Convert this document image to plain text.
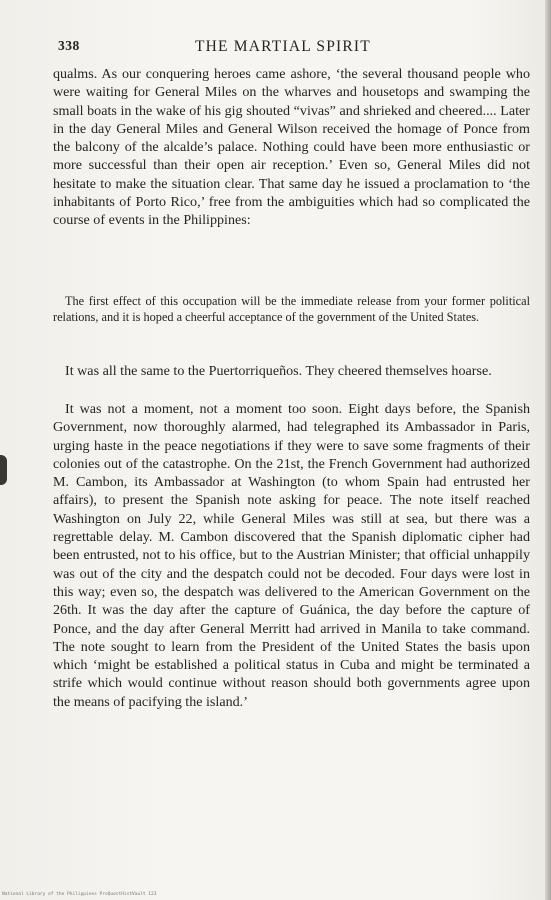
338	THE MARTIAL SPIRIT

qualms. As our conquering heroes came ashore, ‘the several thousand people who were waiting for General Miles on the wharves and housetops and swamping the small boats in the wake of his gig shouted “vivas” and shrieked and cheered.... Later in the day General Miles and General Wilson received the homage of Ponce from the balcony of the alcalde’s palace. Nothing could have been more enthusiastic or more successful than their open air reception.’ Even so, General Miles did not hesitate to make the situation clear. That same day he issued a proclamation to ‘the inhabitants of Porto Rico,’ free from the ambiguities which had so complicated the course of events in the Philippines:

The first effect of this occupation will be the immediate release from your former political relations, and it is hoped a cheerful acceptance of the government of the United States.

It was all the same to the Puertorriqueños. They cheered themselves hoarse.

It was not a moment, not a moment too soon. Eight days before, the Spanish Government, now thoroughly alarmed, had telegraphed its Ambassador in Paris, urging haste in the peace negotiations if they were to save some fragments of their colonies out of the catastrophe. On the 21st, the French Government had authorized M. Cambon, its Ambassador at Washington (to whom Spain had entrusted her affairs), to present the Spanish note asking for peace. The note itself reached Washington on July 22, while General Miles was still at sea, but there was a regrettable delay. M. Cambon discovered that the Spanish diplomatic cipher had been entrusted, not to his office, but to the Austrian Minister; that official unhappily was out of the city and the despatch could not be decoded. Four days were lost in this way; even so, the despatch was delivered to the American Government on the 26th. It was the day after the capture of Guánica, the day before the capture of Ponce, and the day after General Merritt had arrived in Manila to take command. The note sought to learn from the President of the United States the basis upon which ‘might be established a political status in Cuba and might be terminated a strife which would continue without reason should both governments agree upon the means of pacifying the island.’

National Library of the Philippines ProQuestHistVault 123
